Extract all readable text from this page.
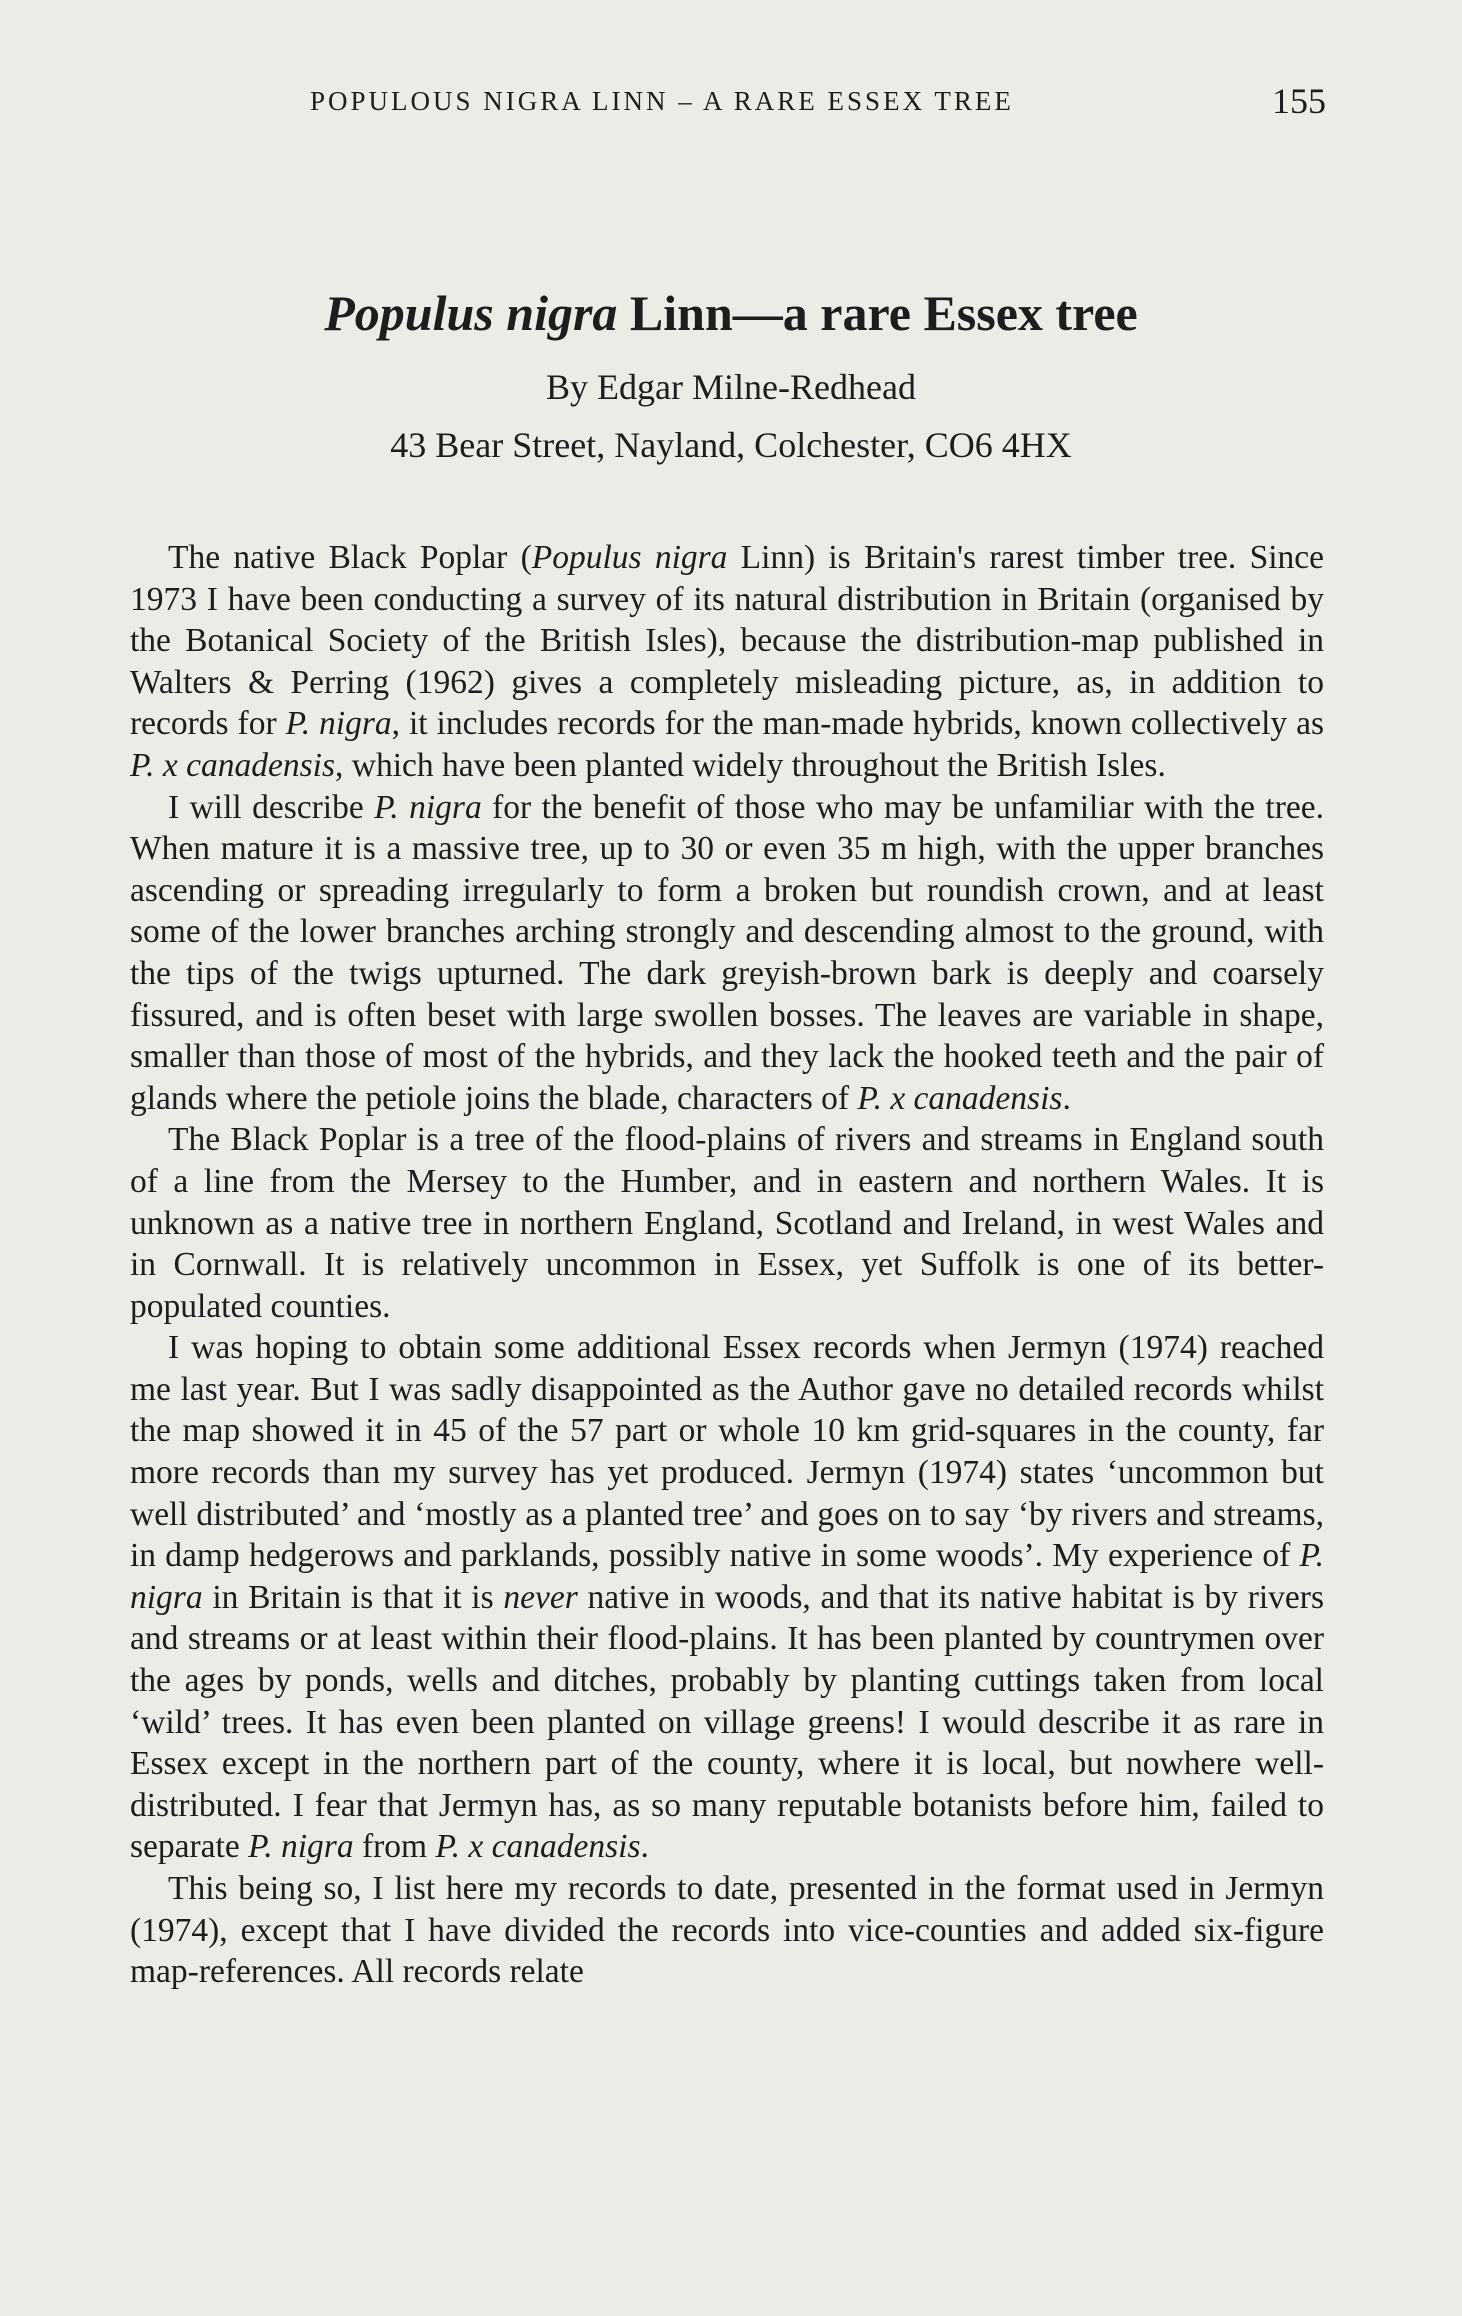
POPULOUS NIGRA LINN – A RARE ESSEX TREE	155
Populus nigra Linn—a rare Essex tree
By Edgar Milne-Redhead
43 Bear Street, Nayland, Colchester, CO6 4HX

The native Black Poplar (Populus nigra Linn) is Britain's rarest timber tree. Since 1973 I have been conducting a survey of its natural distribution in Britain (organised by the Botanical Society of the British Isles), because the distribution-map published in Walters & Perring (1962) gives a completely misleading picture, as, in addition to records for P. nigra, it includes records for the man-made hybrids, known collectively as P. x canadensis, which have been planted widely throughout the British Isles.

I will describe P. nigra for the benefit of those who may be unfamiliar with the tree. When mature it is a massive tree, up to 30 or even 35 m high, with the upper branches ascending or spreading irregularly to form a broken but roundish crown, and at least some of the lower branches arching strongly and descending almost to the ground, with the tips of the twigs upturned. The dark greyish-brown bark is deeply and coarsely fissured, and is often beset with large swollen bosses. The leaves are variable in shape, smaller than those of most of the hybrids, and they lack the hooked teeth and the pair of glands where the petiole joins the blade, characters of P. x canadensis.

The Black Poplar is a tree of the flood-plains of rivers and streams in England south of a line from the Mersey to the Humber, and in eastern and northern Wales. It is unknown as a native tree in northern England, Scotland and Ireland, in west Wales and in Cornwall. It is relatively uncommon in Essex, yet Suffolk is one of its better-populated counties.

I was hoping to obtain some additional Essex records when Jermyn (1974) reached me last year. But I was sadly disappointed as the Author gave no detailed records whilst the map showed it in 45 of the 57 part or whole 10 km grid-squares in the county, far more records than my survey has yet produced. Jermyn (1974) states ‘uncommon but well distributed’ and ‘mostly as a planted tree’ and goes on to say ‘by rivers and streams, in damp hedgerows and parklands, possibly native in some woods’. My experience of P. nigra in Britain is that it is never native in woods, and that its native habitat is by rivers and streams or at least within their flood-plains. It has been planted by countrymen over the ages by ponds, wells and ditches, probably by planting cuttings taken from local ‘wild’ trees. It has even been planted on village greens! I would describe it as rare in Essex except in the northern part of the county, where it is local, but nowhere well-distributed. I fear that Jermyn has, as so many reputable botanists before him, failed to separate P. nigra from P. x canadensis.

This being so, I list here my records to date, presented in the format used in Jermyn (1974), except that I have divided the records into vice-counties and added six-figure map-references. All records relate
